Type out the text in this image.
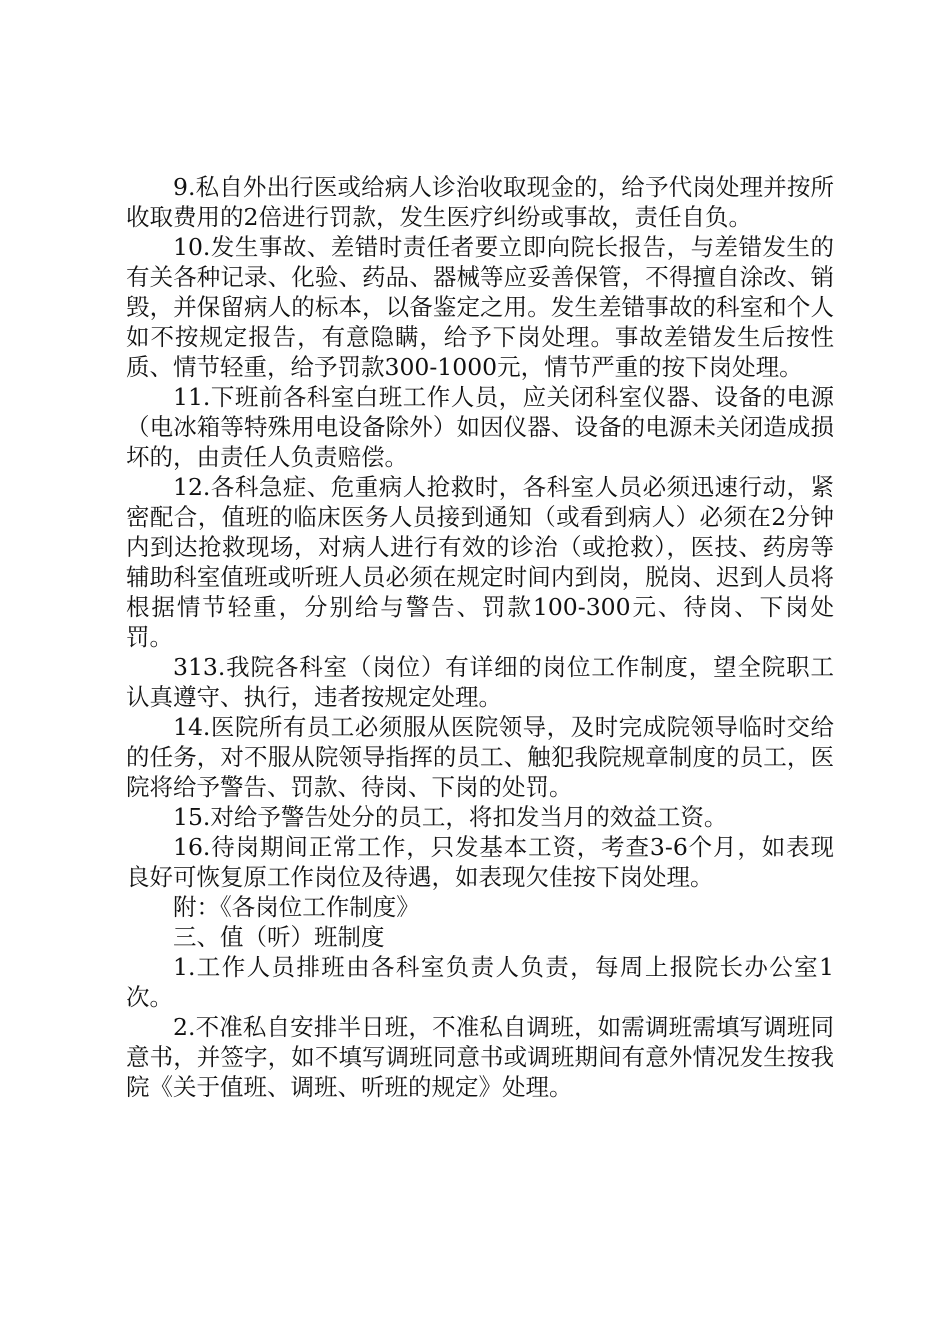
9.私自外出行医或给病人诊治收取现金的，给予代岗处理并按所收取费用的2倍进行罚款，发生医疗纠纷或事故，责任自负。

10.发生事故、差错时责任者要立即向院长报告，与差错发生的有关各种记录、化验、药品、器械等应妥善保管，不得擅自涂改、销毁，并保留病人的标本，以备鉴定之用。发生差错事故的科室和个人如不按规定报告，有意隐瞒，给予下岗处理。事故差错发生后按性质、情节轻重，给予罚款300-1000元，情节严重的按下岗处理。

11.下班前各科室白班工作人员，应关闭科室仪器、设备的电源（电冰箱等特殊用电设备除外）如因仪器、设备的电源未关闭造成损坏的，由责任人负责赔偿。

12.各科急症、危重病人抢救时，各科室人员必须迅速行动，紧密配合，值班的临床医务人员接到通知（或看到病人）必须在2分钟内到达抢救现场，对病人进行有效的诊治（或抢救），医技、药房等辅助科室值班或听班人员必须在规定时间内到岗，脱岗、迟到人员将根据情节轻重，分别给与警告、罚款100-300元、待岗、下岗处罚。

313.我院各科室（岗位）有详细的岗位工作制度，望全院职工认真遵守、执行，违者按规定处理。

14.医院所有员工必须服从医院领导，及时完成院领导临时交给的任务，对不服从院领导指挥的员工、触犯我院规章制度的员工，医院将给予警告、罚款、待岗、下岗的处罚。

15.对给予警告处分的员工，将扣发当月的效益工资。

16.待岗期间正常工作，只发基本工资，考查3-6个月，如表现良好可恢复原工作岗位及待遇，如表现欠佳按下岗处理。

附：《各岗位工作制度》

三、值（听）班制度

1.工作人员排班由各科室负责人负责，每周上报院长办公室1次。

2.不准私自安排半日班，不准私自调班，如需调班需填写调班同意书，并签字，如不填写调班同意书或调班期间有意外情况发生按我院《关于值班、调班、听班的规定》处理。
